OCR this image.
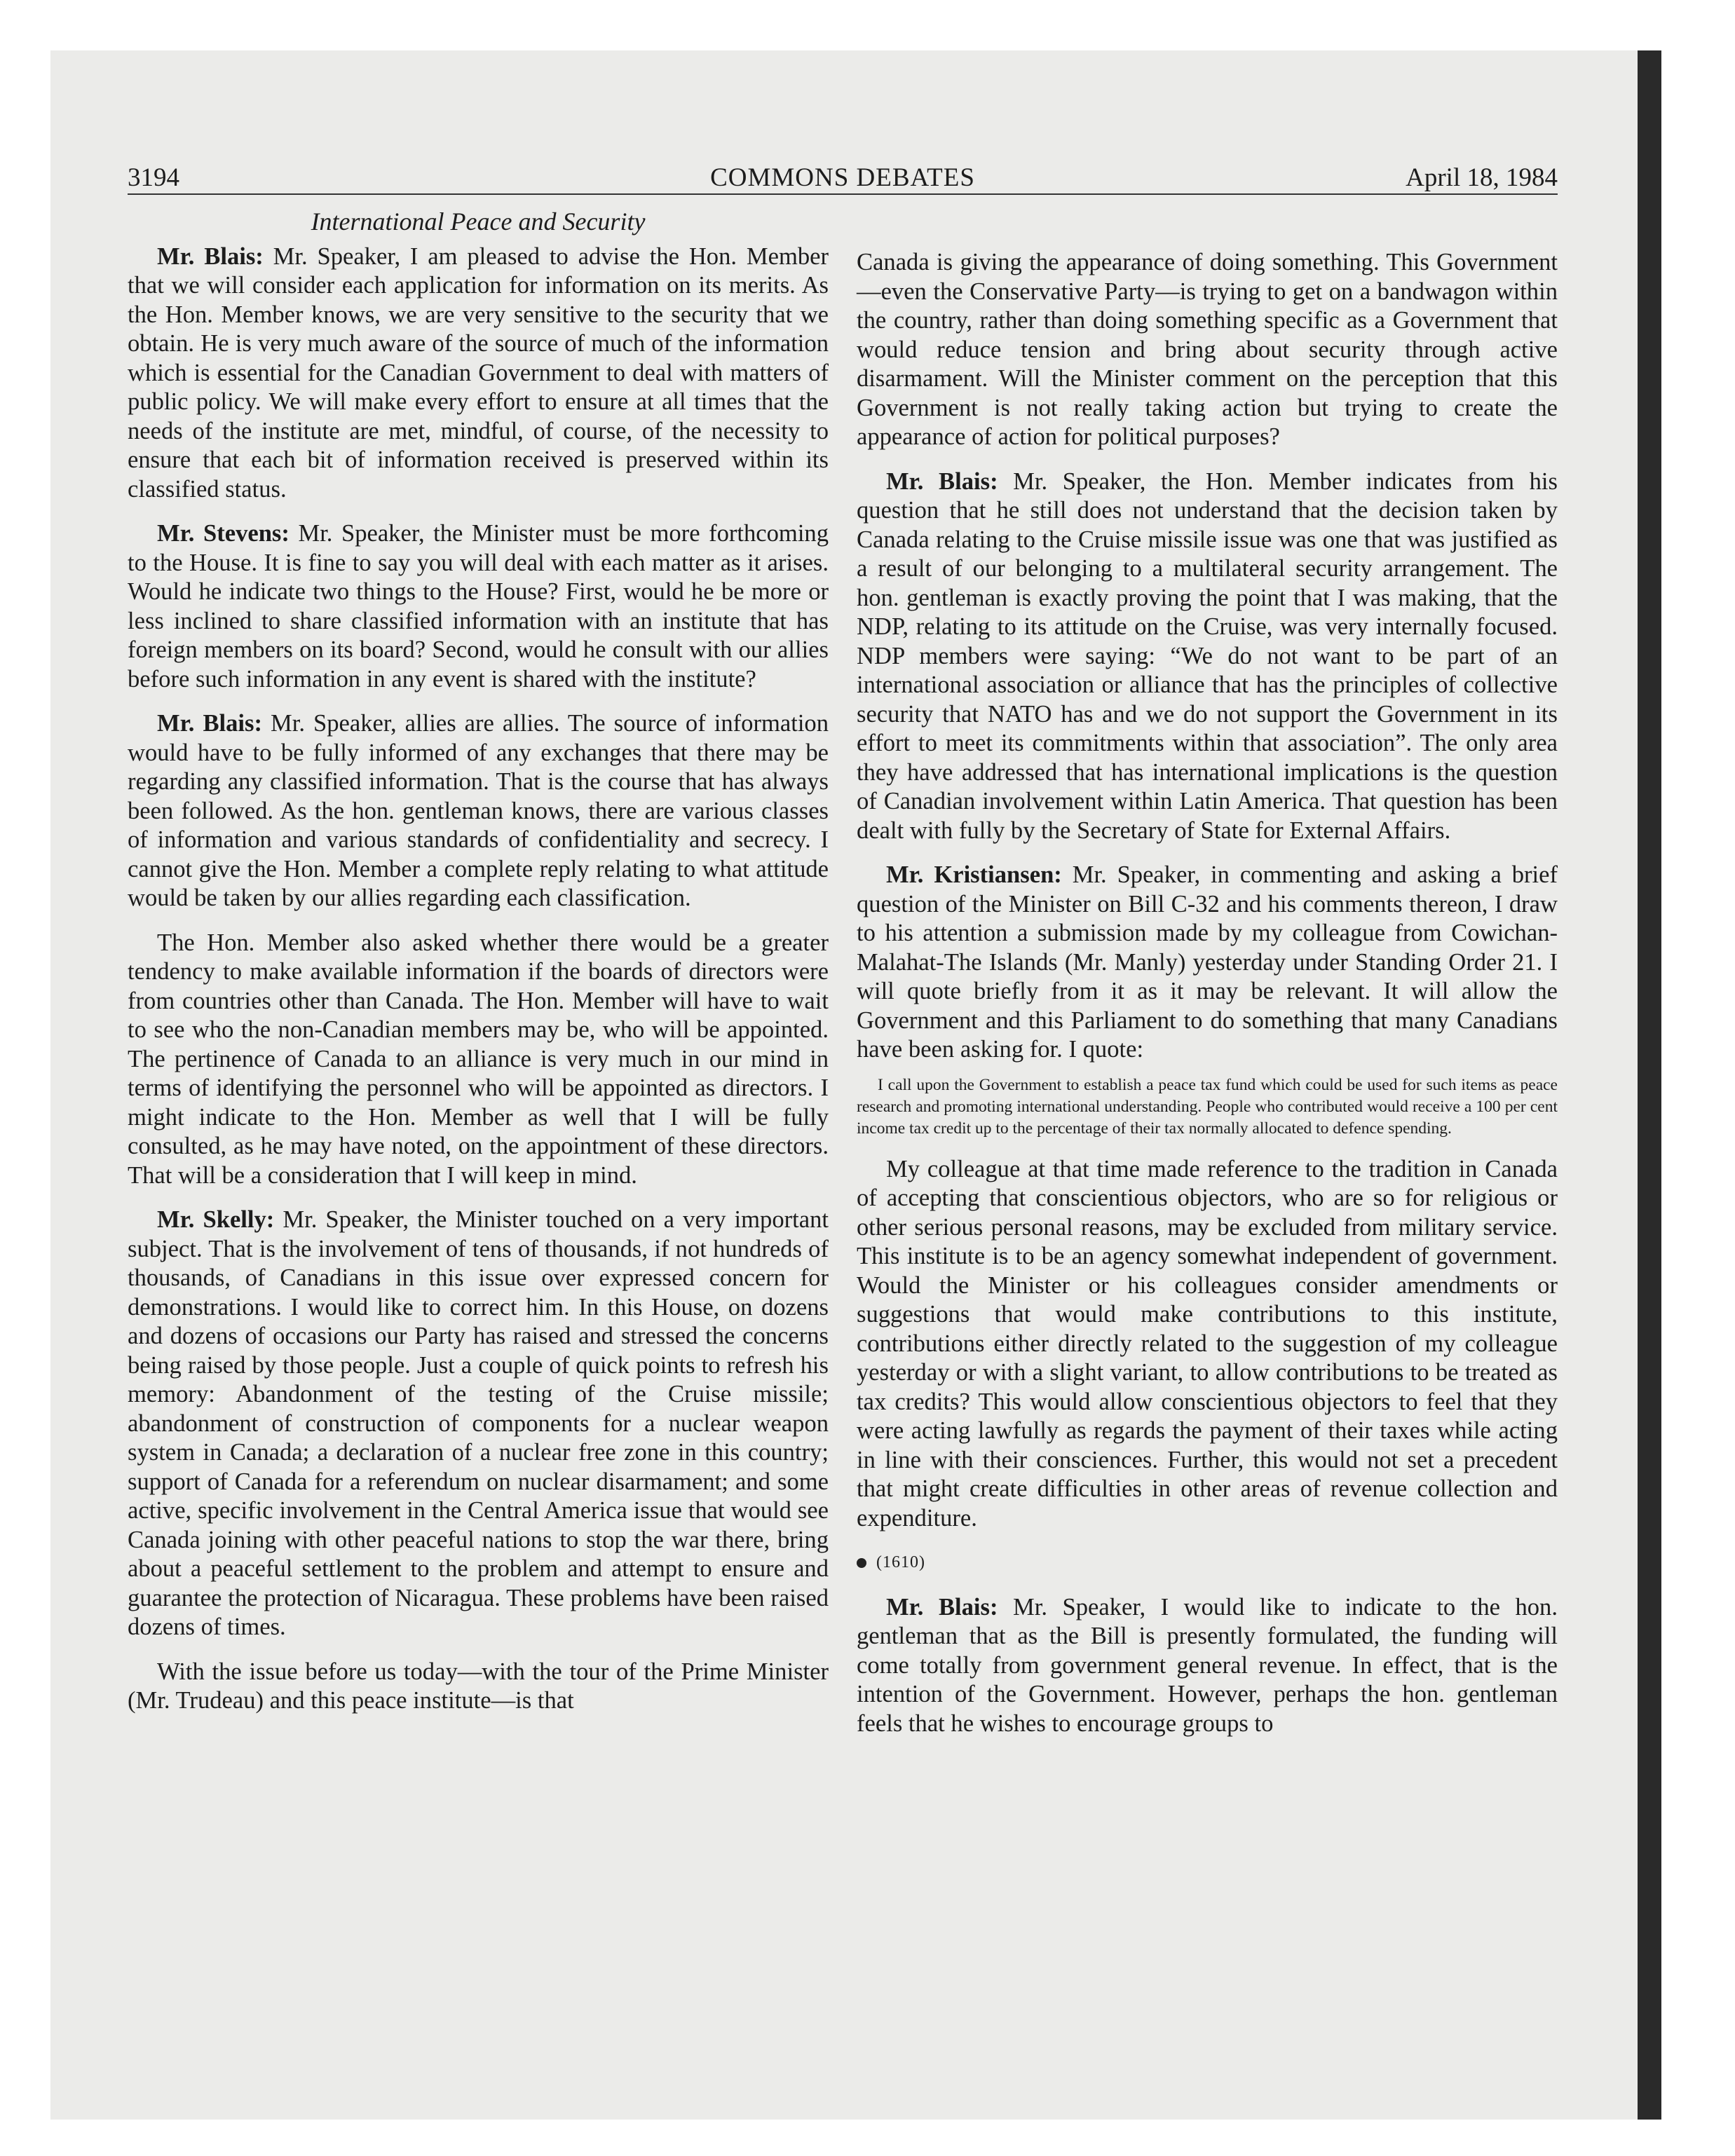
3194	COMMONS DEBATES	April 18, 1984
International Peace and Security

Mr. Blais: Mr. Speaker, I am pleased to advise the Hon. Member that we will consider each application for information on its merits. As the Hon. Member knows, we are very sensitive to the security that we obtain. He is very much aware of the source of much of the information which is essential for the Canadian Government to deal with matters of public policy. We will make every effort to ensure at all times that the needs of the institute are met, mindful, of course, of the necessity to ensure that each bit of information received is preserved within its classified status.

Mr. Stevens: Mr. Speaker, the Minister must be more forthcoming to the House. It is fine to say you will deal with each matter as it arises. Would he indicate two things to the House? First, would he be more or less inclined to share classified information with an institute that has foreign members on its board? Second, would he consult with our allies before such information in any event is shared with the institute?

Mr. Blais: Mr. Speaker, allies are allies. The source of information would have to be fully informed of any exchanges that there may be regarding any classified information. That is the course that has always been followed. As the hon. gentleman knows, there are various classes of information and various standards of confidentiality and secrecy. I cannot give the Hon. Member a complete reply relating to what attitude would be taken by our allies regarding each classification.

The Hon. Member also asked whether there would be a greater tendency to make available information if the boards of directors were from countries other than Canada. The Hon. Member will have to wait to see who the non-Canadian members may be, who will be appointed. The pertinence of Canada to an alliance is very much in our mind in terms of identifying the personnel who will be appointed as directors. I might indicate to the Hon. Member as well that I will be fully consulted, as he may have noted, on the appointment of these directors. That will be a consideration that I will keep in mind.

Mr. Skelly: Mr. Speaker, the Minister touched on a very important subject. That is the involvement of tens of thousands, if not hundreds of thousands, of Canadians in this issue over expressed concern for demonstrations. I would like to correct him. In this House, on dozens and dozens of occasions our Party has raised and stressed the concerns being raised by those people. Just a couple of quick points to refresh his memory: Abandonment of the testing of the Cruise missile; abandonment of construction of components for a nuclear weapon system in Canada; a declaration of a nuclear free zone in this country; support of Canada for a referendum on nuclear disarmament; and some active, specific involvement in the Central America issue that would see Canada joining with other peaceful nations to stop the war there, bring about a peaceful settlement to the problem and attempt to ensure and guarantee the protection of Nicaragua. These problems have been raised dozens of times.

With the issue before us today—with the tour of the Prime Minister (Mr. Trudeau) and this peace institute—is that

Canada is giving the appearance of doing something. This Government—even the Conservative Party—is trying to get on a bandwagon within the country, rather than doing something specific as a Government that would reduce tension and bring about security through active disarmament. Will the Minister comment on the perception that this Government is not really taking action but trying to create the appearance of action for political purposes?

Mr. Blais: Mr. Speaker, the Hon. Member indicates from his question that he still does not understand that the decision taken by Canada relating to the Cruise missile issue was one that was justified as a result of our belonging to a multilateral security arrangement. The hon. gentleman is exactly proving the point that I was making, that the NDP, relating to its attitude on the Cruise, was very internally focused. NDP members were saying: “We do not want to be part of an international association or alliance that has the principles of collective security that NATO has and we do not support the Government in its effort to meet its commitments within that association”. The only area they have addressed that has international implications is the question of Canadian involvement within Latin America. That question has been dealt with fully by the Secretary of State for External Affairs.

Mr. Kristiansen: Mr. Speaker, in commenting and asking a brief question of the Minister on Bill C-32 and his comments thereon, I draw to his attention a submission made by my colleague from Cowichan-Malahat-The Islands (Mr. Manly) yesterday under Standing Order 21. I will quote briefly from it as it may be relevant. It will allow the Government and this Parliament to do something that many Canadians have been asking for. I quote:

I call upon the Government to establish a peace tax fund which could be used for such items as peace research and promoting international understanding. People who contributed would receive a 100 per cent income tax credit up to the percentage of their tax normally allocated to defence spending.

My colleague at that time made reference to the tradition in Canada of accepting that conscientious objectors, who are so for religious or other serious personal reasons, may be excluded from military service. This institute is to be an agency somewhat independent of government. Would the Minister or his colleagues consider amendments or suggestions that would make contributions to this institute, contributions either directly related to the suggestion of my colleague yesterday or with a slight variant, to allow contributions to be treated as tax credits? This would allow conscientious objectors to feel that they were acting lawfully as regards the payment of their taxes while acting in line with their consciences. Further, this would not set a precedent that might create difficulties in other areas of revenue collection and expenditure.

(1610)

Mr. Blais: Mr. Speaker, I would like to indicate to the hon. gentleman that as the Bill is presently formulated, the funding will come totally from government general revenue. In effect, that is the intention of the Government. However, perhaps the hon. gentleman feels that he wishes to encourage groups to
